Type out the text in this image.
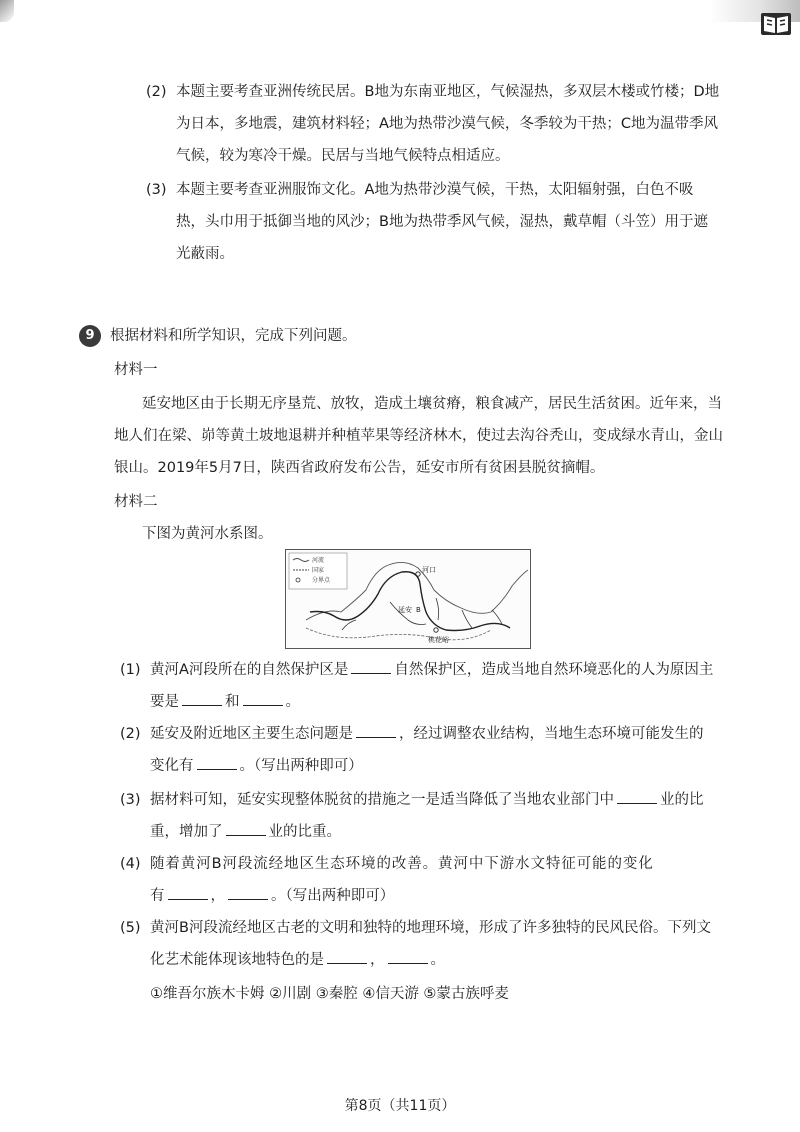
(2) 本题主要考查亚洲传统民居。B地为东南亚地区，气候湿热，多双层木楼或竹楼；D地
为日本，多地震，建筑材料轻；A地为热带沙漠气候，冬季较为干热；C地为温带季风
气候，较为寒冷干燥。民居与当地气候特点相适应。
(3) 本题主要考查亚洲服饰文化。A地为热带沙漠气候，干热，太阳辐射强，白色不吸
热，头巾用于抵御当地的风沙；B地为热带季风气候，湿热，戴草帽（斗笠）用于遮
光蔽雨。
9	根据材料和所学知识，完成下列问题。
材料一
延安地区由于长期无序垦荒、放牧，造成土壤贫瘠，粮食减产，居民生活贫困。近年来，当
地人们在梁、峁等黄土坡地退耕并种植苹果等经济林木，使过去沟谷秃山，变成绿水青山，金山
银山。2019年5月7日，陕西省政府发布公告，延安市所有贫困县脱贫摘帽。
材料二
下图为黄河水系图。
河流
国家
分界点
河口
延安 B
桃花峪
(1) 黄河A河段所在的自然保护区是	自然保护区，造成当地自然环境恶化的人为原因主
要是	和	。
(2) 延安及附近地区主要生态问题是	，经过调整农业结构，当地生态环境可能发生的
变化有	。（写出两种即可）
(3) 据材料可知，延安实现整体脱贫的措施之一是适当降低了当地农业部门中	业的比
重，增加了	业的比重。
(4) 随着黄河B河段流经地区生态环境的改善。黄河中下游水文特征可能的变化
有	，	。（写出两种即可）
(5) 黄河B河段流经地区古老的文明和独特的地理环境，形成了许多独特的民风民俗。下列文
化艺术能体现该地特色的是	，	。
①维吾尔族木卡姆 ②川剧 ③秦腔 ④信天游 ⑤蒙古族呼麦
第8页（共11页）
